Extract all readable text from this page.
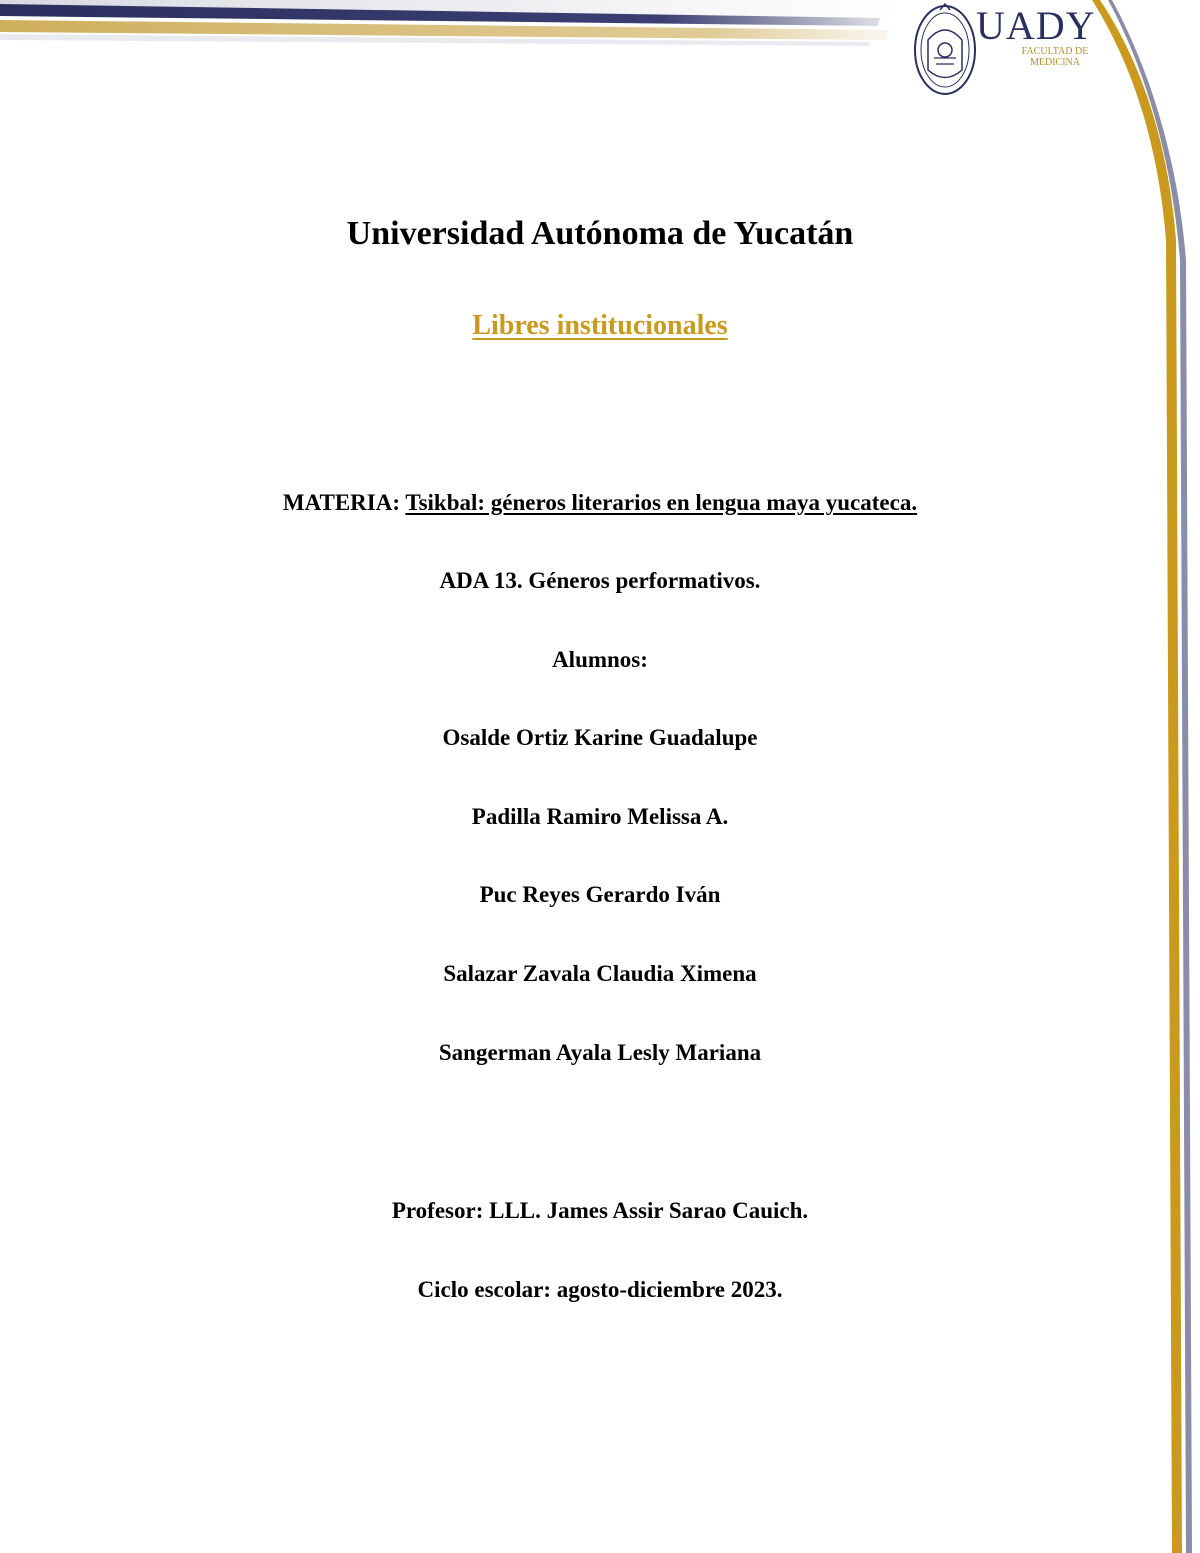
UADY
FACULTAD DE
MEDICINA
Universidad Autónoma de Yucatán
Libres institucionales
MATERIA: Tsikbal: géneros literarios en lengua maya yucateca.
ADA 13. Géneros performativos.
Alumnos:
Osalde Ortiz Karine Guadalupe
Padilla Ramiro Melissa A.
Puc Reyes Gerardo Iván
Salazar Zavala Claudia Ximena
Sangerman Ayala Lesly Mariana
Profesor: LLL. James Assir Sarao Cauich.
Ciclo escolar: agosto-diciembre 2023.
